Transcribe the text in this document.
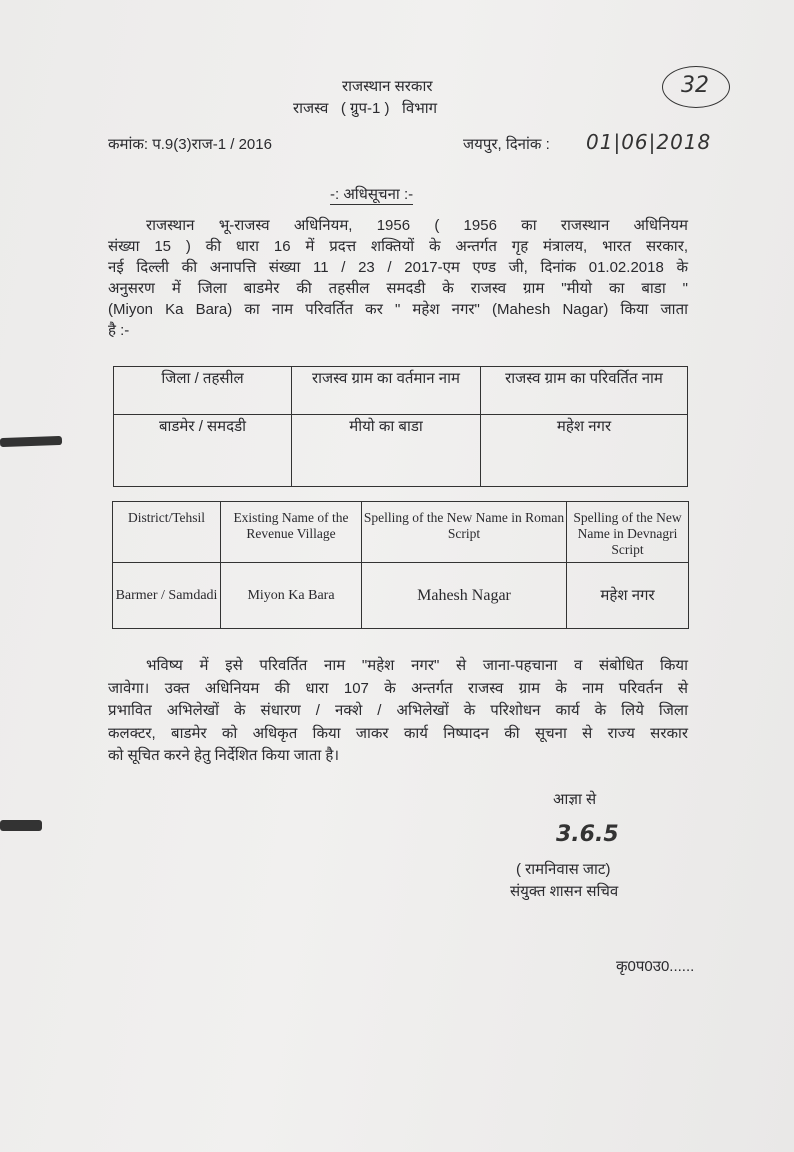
राजस्थान सरकार
राजस्व   ( ग्रुप-1 )   विभाग
32
कमांक: प.9(3)राज-1 / 2016	जयपुर, दिनांक : 01|06|2018
-: अधिसूचना :-
राजस्थान भू-राजस्व अधिनियम, 1956 ( 1956 का राजस्थान अधिनियम
संख्या 15 ) की धारा 16 में प्रदत्त शक्तियों के अन्तर्गत गृह मंत्रालय, भारत सरकार,
नई दिल्ली की अनापत्ति संख्या 11 / 23 / 2017-एम एण्ड जी, दिनांक 01.02.2018 के
अनुसरण में जिला बाडमेर की तहसील समदडी के राजस्व ग्राम "मीयो का बाडा "
(Miyon Ka Bara) का नाम परिवर्तित कर " महेश नगर" (Mahesh Nagar) किया जाता
है :-
जिला / तहसील	राजस्व ग्राम का वर्तमान नाम	राजस्व ग्राम का परिवर्तित नाम
बाडमेर / समदडी	मीयो का बाडा	महेश नगर
District/Tehsil	Existing Name of the Revenue Village	Spelling of the New Name in Roman Script	Spelling of the New Name in Devnagri Script
Barmer / Samdadi	Miyon Ka Bara	Mahesh Nagar	महेश नगर
भविष्य में इसे परिवर्तित नाम "महेश नगर" से जाना-पहचाना व संबोधित किया
जावेगा। उक्त अधिनियम की धारा 107 के अन्तर्गत राजस्व ग्राम के नाम परिवर्तन से
प्रभावित अभिलेखों के संधारण / नक्शे / अभिलेखों के परिशोधन कार्य के लिये जिला
कलक्टर, बाडमेर को अधिकृत किया जाकर कार्य निष्पादन की सूचना से राज्य सरकार
को सूचित करने हेतु निर्देशित किया जाता है।
आज्ञा से
3.6.5
( रामनिवास जाट)
संयुक्त शासन सचिव
कृ0प0उ0......
